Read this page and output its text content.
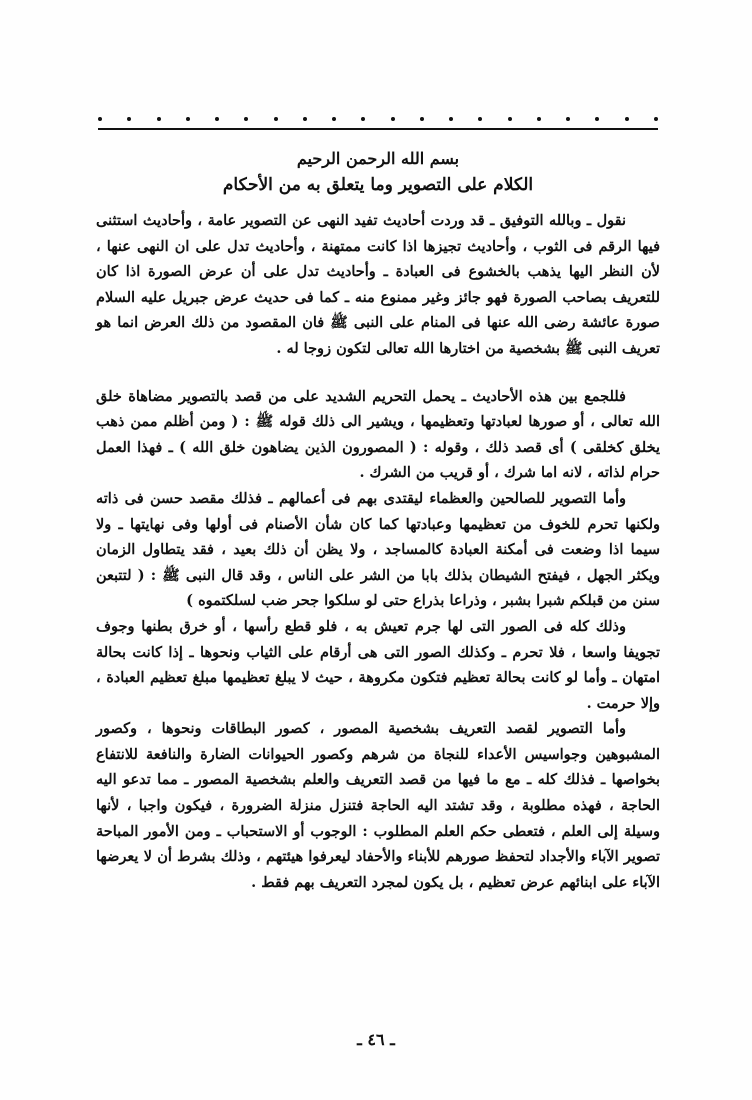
بسم الله الرحمن الرحيم
الكلام على التصوير وما يتعلق به من الأحكام

نقول ـ وبالله التوفيق ـ قد وردت أحاديث تفيد النهى عن التصوير عامة ، وأحاديث استثنى فيها الرقم فى الثوب ، وأحاديث تجيزها اذا كانت ممتهنة ، وأحاديث تدل على ان النهى عنها ، لأن النظر اليها يذهب بالخشوع فى العبادة ـ وأحاديث تدل على أن عرض الصورة اذا كان للتعريف بصاحب الصورة فهو جائز وغير ممنوع منه ـ كما فى حديث عرض جبريل عليه السلام صورة عائشة رضى الله عنها فى المنام على النبى ﷺ فان المقصود من ذلك العرض انما هو تعريف النبى ﷺ بشخصية من اختارها الله تعالى لتكون زوجا له .

فللجمع بين هذه الأحاديث ـ يحمل التحريم الشديد على من قصد بالتصوير مضاهاة خلق الله تعالى ، أو صورها لعبادتها وتعظيمها ، ويشير الى ذلك قوله ﷺ : ( ومن أظلم ممن ذهب يخلق كخلقى ) أى قصد ذلك ، وقوله : ( المصورون الذين يضاهون خلق الله ) ـ فهذا العمل حرام لذاته ، لانه اما شرك ، أو قريب من الشرك .

وأما التصوير للصالحين والعظماء ليقتدى بهم فى أعمالهم ـ فذلك مقصد حسن فى ذاته ولكنها تحرم للخوف من تعظيمها وعبادتها كما كان شأن الأصنام فى أولها وفى نهايتها ـ ولا سيما اذا وضعت فى أمكنة العبادة كالمساجد ، ولا يظن أن ذلك بعيد ، فقد يتطاول الزمان ويكثر الجهل ، فيفتح الشيطان بذلك بابا من الشر على الناس ، وقد قال النبى ﷺ : ( لتتبعن سنن من قبلكم شبرا بشبر ، وذراعا بذراع حتى لو سلكوا جحر ضب لسلكتموه )

وذلك كله فى الصور التى لها جرم تعيش به ، فلو قطع رأسها ، أو خرق بطنها وجوف تجويفا واسعا ، فلا تحرم ـ وكذلك الصور التى هى أرقام على الثياب ونحوها ـ إذا كانت بحالة امتهان ـ وأما لو كانت بحالة تعظيم فتكون مكروهة ، حيث لا يبلغ تعظيمها مبلغ تعظيم العبادة ، وإلا حرمت .

وأما التصوير لقصد التعريف بشخصية المصور ، كصور البطاقات ونحوها ، وكصور المشبوهين وجواسيس الأعداء للنجاة من شرهم وكصور الحيوانات الضارة والنافعة للانتفاع بخواصها ـ فذلك كله ـ مع ما فيها من قصد التعريف والعلم بشخصية المصور ـ مما تدعو اليه الحاجة ، فهذه مطلوبة ، وقد تشتد اليه الحاجة فتنزل منزلة الضرورة ، فيكون واجبا ، لأنها وسيلة إلى العلم ، فتعطى حكم العلم المطلوب : الوجوب أو الاستحباب ـ ومن الأمور المباحة تصوير الآباء والأجداد لتحفظ صورهم للأبناء والأحفاد ليعرفوا هيئتهم ، وذلك بشرط أن لا يعرضها الآباء على ابنائهم عرض تعظيم ، بل يكون لمجرد التعريف بهم فقط .

ـ ٤٦ ـ
